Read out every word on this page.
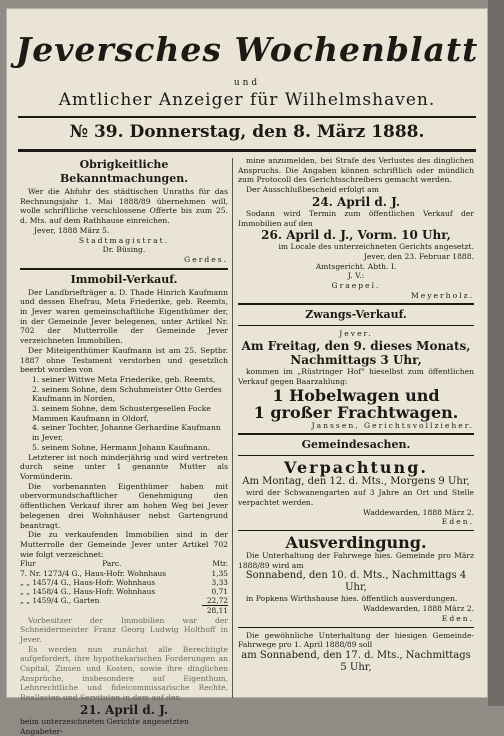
Jeversches Wochenblatt
und
Amtlicher Anzeiger für Wilhelmshaven.
№ 39. Donnerstag, den 8. März 1888.
Obrigkeitliche Bekanntmachungen.
Wer die Abfuhr des städtischen Unraths für das Rechnungsjahr 1. Mai 1888/89 übernehmen will, wolle schriftliche verschlossene Offerte bis zum 25. d. Mts. auf dem Rathhause einreichen.
Jever, 1888 März 5.
Stadtmagistrat.
Dr. Büsing.
Gerdes.
Immobil-Verkauf.
Der Landbriefträger a. D. Thade Hinrich Kaufmann und dessen Ehefrau, Meta Friederike, geb. Reemts, in Jever waren gemeinschaftliche Eigenthümer der, in der Gemeinde Jever belegenen, unter Artikel Nr. 702 der Mutterrolle der Gemeinde Jever verzeichneten Immobilien.
Der Miteigenthümer Kaufmann ist am 25. Septbr. 1887 ohne Testament verstorben und gesetzlich beerbt worden von
1. seiner Wittwe Meta Friederike, geb. Reemts,
2. seinem Sohne, dem Schuhmeister Otto Gerdes Kaufmann in Norden,
3. seinem Sohne, dem Schustergesellen Focke Mammen Kaufmann in Oldorf,
4. seiner Tochter, Johanne Gerhardine Kaufmann in Jever,
5. seinem Sohne, Hermann Johann Kaufmann.
Letzterer ist noch minderjährig und wird vertreten durch seine unter 1 genannte Mutter als Vormünderin.
Die vorbenannten Eigenthümer haben mit obervormundschaftlicher Genehmigung den öffentlichen Verkauf ihrer am hohen Weg bei Jever belegenen drei Wohnhäuser nebst Gartengrund beantragt.
Die zu verkaufenden Immobilien sind in der Mutterrolle der Gemeinde Jever unter Artikel 702 wie folgt verzeichnet:
Flur	Parc.	Mtr.
7. Nr. 1273/4 G., Haus-Hofr. Wohnhaus		1,35
„ „ 1457/4 G., Haus-Hofr. Wohnhaus		3,33
„ „ 1458/4 G., Haus-Hofr. Wohnhaus		0,71
„ „ 1459/4 G., Garten		22,72
		28,11
Vorbesitzer der Immobilien war der Schneidermeister Franz Georg Ludwig Holthoff in Jever.
Es werden nun zunächst alle Berechtigte aufgefordert, ihre hypothekarischen Forderungen an Capital, Zinsen und Kosten, sowie ihre dinglichen Ansprüche, insbesondere auf Eigenthum, Lehnrechtliche und fideicommissarische Rechte, Reallasten und Servituten in dem auf den
21. April d. J.
beim unterzeichneten Gerichte angesetzten Angabeter-
mine anzumelden, bei Strafe des Verlustes des dinglichen Anspruchs. Die Angaben können schriftlich oder mündlich zum Protocoll des Gerichtsschreibers gemacht werden.
Der Ausschlußbescheid erfolgt am
24. April d. J.
Sodann wird Termin zum öffentlichen Verkauf der Immobilien auf den
26. April d. J., Vorm. 10 Uhr,
im Locale des unterzeichneten Gerichts angesetzt.
Jever, den 23. Februar 1888.
Amtsgericht. Abth. I.
J. V.:
Graepel.
Meyerholz.
Zwangs-Verkauf.
Jever.
Am Freitag, den 9. dieses Monats, Nachmittags 3 Uhr,
kommen im „Rüstringer Hof" hieselbst zum öffentlichen Verkauf gegen Baarzahlung:
1 Hobelwagen und
1 großer Frachtwagen.
Janssen, Gerichtsvollzieher.
Gemeindesachen.
Verpachtung.
Am Montag, den 12. d. Mts., Morgens 9 Uhr,
wird der Schwanengarten auf 3 Jahre an Ort und Stelle verpachtet werden.
Waddewarden, 1888 März 2.
Eden.
Ausverdingung.
Die Unterhaltung der Fahrwege hies. Gemeinde pro März 1888/89 wird am
Sonnabend, den 10. d. Mts., Nachmittags 4 Uhr,
in Popkens Wirthshause hies. öffentlich ausverdungen.
Waddewarden, 1888 März 2.
Eden.
Die gewöhnliche Unterhaltung der hiesigen Gemeinde-Fahrwege pro 1. April 1888/89 soll
am Sonnabend, den 17. d. Mts., Nachmittags 5 Uhr,
